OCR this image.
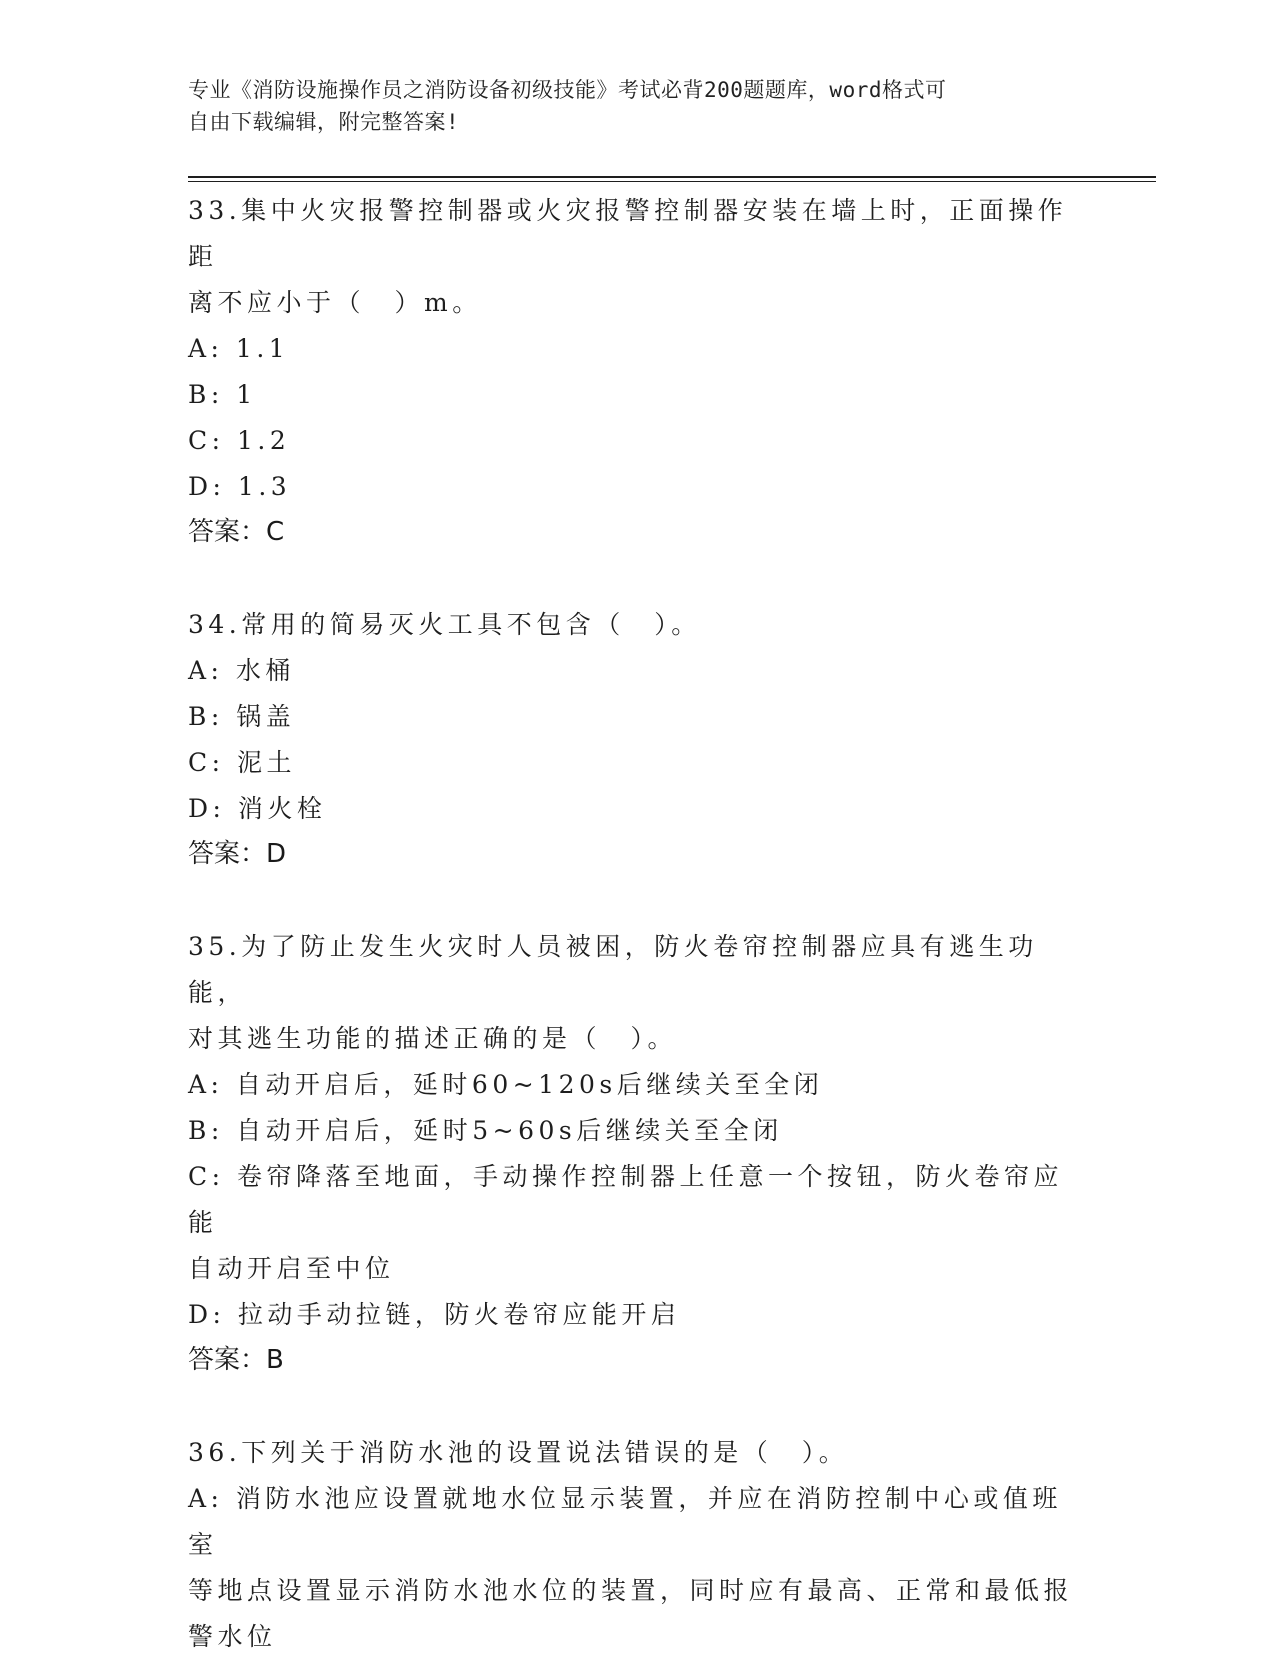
专业《消防设施操作员之消防设备初级技能》考试必背200题题库，word格式可
自由下载编辑，附完整答案!

33.集中火灾报警控制器或火灾报警控制器安装在墙上时，正面操作距

离不应小于（　）m。

A: 1.1

B: 1

C: 1.2

D: 1.3

答案：C

34.常用的简易灭火工具不包含（　）。

A: 水桶

B: 锅盖

C: 泥土

D: 消火栓

答案：D

35.为了防止发生火灾时人员被困，防火卷帘控制器应具有逃生功能，

对其逃生功能的描述正确的是（　）。

A: 自动开启后，延时60~120s后继续关至全闭

B: 自动开启后，延时5~60s后继续关至全闭

C: 卷帘降落至地面，手动操作控制器上任意一个按钮，防火卷帘应能

自动开启至中位

D: 拉动手动拉链，防火卷帘应能开启

答案：B

36.下列关于消防水池的设置说法错误的是（　）。

A: 消防水池应设置就地水位显示装置，并应在消防控制中心或值班室

等地点设置显示消防水池水位的装置，同时应有最高、正常和最低报

警水位
